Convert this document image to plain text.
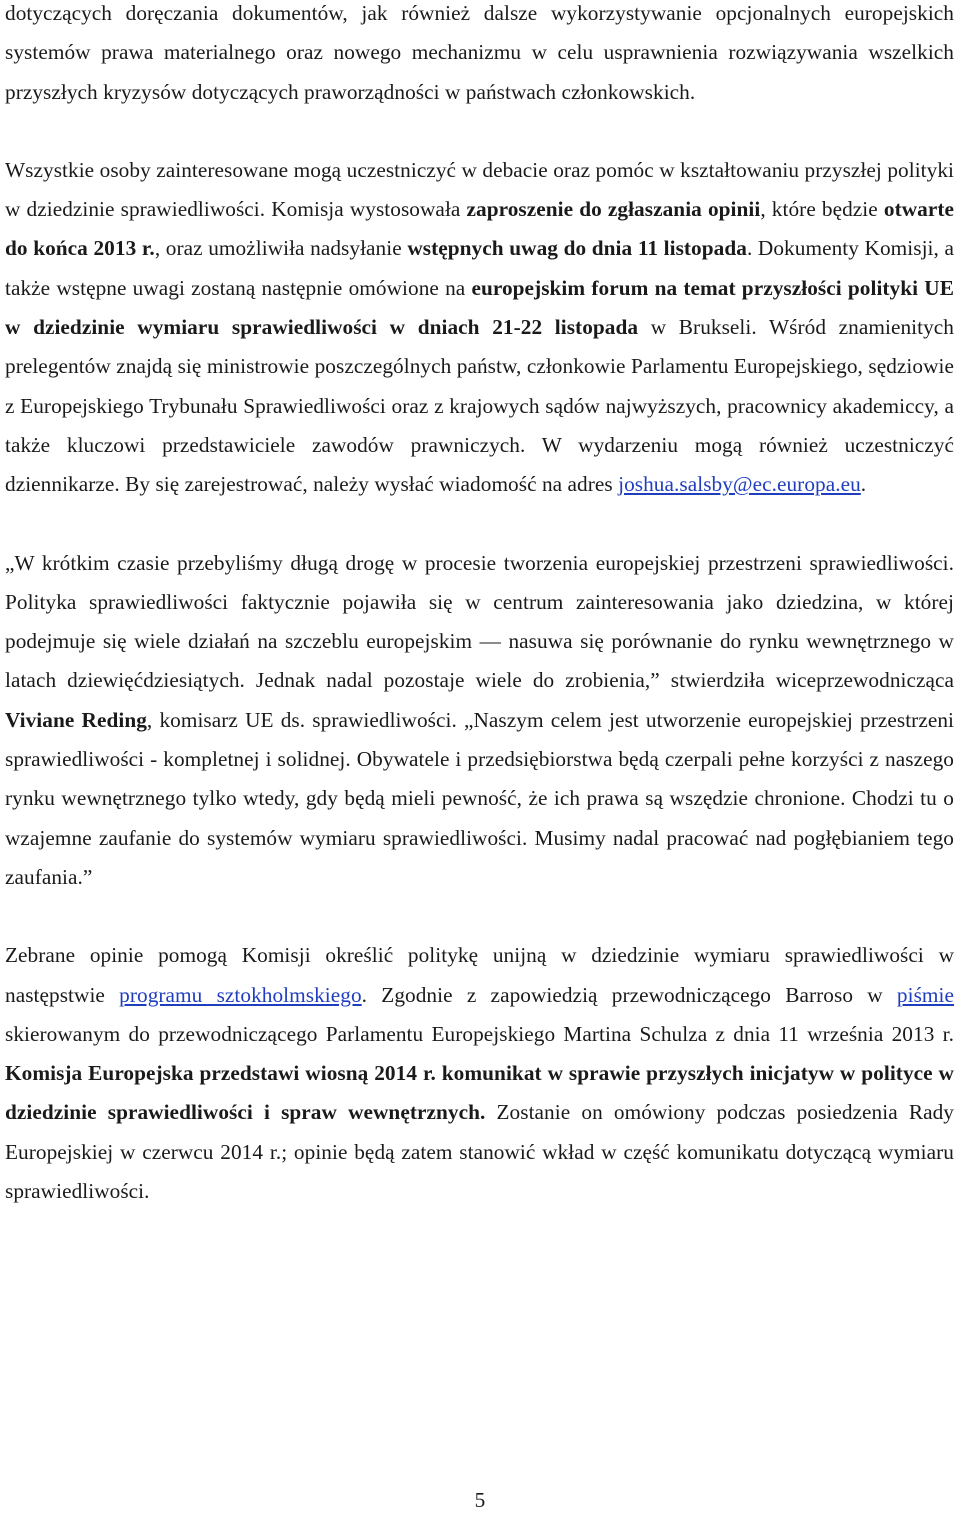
dotyczących doręczania dokumentów, jak również dalsze wykorzystywanie opcjonalnych europejskich systemów prawa materialnego oraz nowego mechanizmu w celu usprawnienia rozwiązywania wszelkich przyszłych kryzysów dotyczących praworządności w państwach członkowskich.

Wszystkie osoby zainteresowane mogą uczestniczyć w debacie oraz pomóc w kształtowaniu przyszłej polityki w dziedzinie sprawiedliwości. Komisja wystosowała zaproszenie do zgłaszania opinii, które będzie otwarte do końca 2013 r., oraz umożliwiła nadsyłanie wstępnych uwag do dnia 11 listopada. Dokumenty Komisji, a także wstępne uwagi zostaną następnie omówione na europejskim forum na temat przyszłości polityki UE w dziedzinie wymiaru sprawiedliwości w dniach 21-22 listopada w Brukseli. Wśród znamienitych prelegentów znajdą się ministrowie poszczególnych państw, członkowie Parlamentu Europejskiego, sędziowie z Europejskiego Trybunału Sprawiedliwości oraz z krajowych sądów najwyższych, pracownicy akademiccy, a także kluczowi przedstawiciele zawodów prawniczych. W wydarzeniu mogą również uczestniczyć dziennikarze. By się zarejestrować, należy wysłać wiadomość na adres joshua.salsby@ec.europa.eu.

„W krótkim czasie przebyliśmy długą drogę w procesie tworzenia europejskiej przestrzeni sprawiedliwości. Polityka sprawiedliwości faktycznie pojawiła się w centrum zainteresowania jako dziedzina, w której podejmuje się wiele działań na szczeblu europejskim — nasuwa się porównanie do rynku wewnętrznego w latach dziewięćdziesiątych. Jednak nadal pozostaje wiele do zrobienia,” stwierdziła wiceprzewodnicząca Viviane Reding, komisarz UE ds. sprawiedliwości. „Naszym celem jest utworzenie europejskiej przestrzeni sprawiedliwości - kompletnej i solidnej. Obywatele i przedsiębiorstwa będą czerpali pełne korzyści z naszego rynku wewnętrznego tylko wtedy, gdy będą mieli pewność, że ich prawa są wszędzie chronione. Chodzi tu o wzajemne zaufanie do systemów wymiaru sprawiedliwości. Musimy nadal pracować nad pogłębianiem tego zaufania.”

Zebrane opinie pomogą Komisji określić politykę unijną w dziedzinie wymiaru sprawiedliwości w następstwie programu sztokholmskiego. Zgodnie z zapowiedzią przewodniczącego Barroso w piśmie skierowanym do przewodniczącego Parlamentu Europejskiego Martina Schulza z dnia 11 września 2013 r. Komisja Europejska przedstawi wiosną 2014 r. komunikat w sprawie przyszłych inicjatyw w polityce w dziedzinie sprawiedliwości i spraw wewnętrznych. Zostanie on omówiony podczas posiedzenia Rady Europejskiej w czerwcu 2014 r.; opinie będą zatem stanowić wkład w część komunikatu dotyczącą wymiaru sprawiedliwości.

5
